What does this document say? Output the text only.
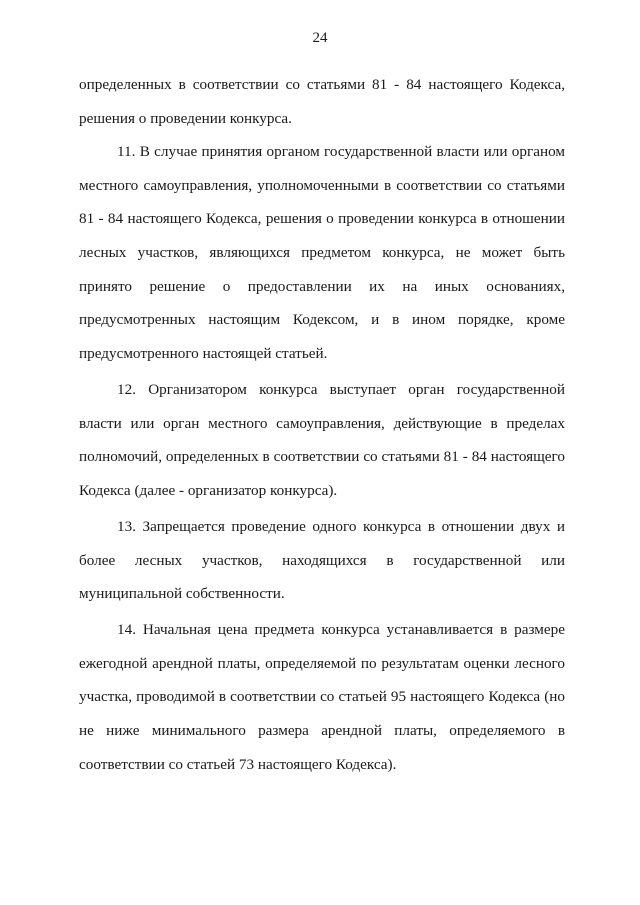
24
определенных в соответствии со статьями 81 - 84 настоящего Кодекса,
решения о проведении конкурса.
11. В случае принятия органом государственной власти или органом
местного самоуправления, уполномоченными в соответствии со статьями
81 - 84 настоящего Кодекса, решения о проведении конкурса в отношении
лесных участков, являющихся предметом конкурса, не может быть
принято решение о предоставлении их на иных основаниях,
предусмотренных настоящим Кодексом, и в ином порядке, кроме
предусмотренного настоящей статьей.
12. Организатором конкурса выступает орган государственной
власти или орган местного самоуправления, действующие в пределах
полномочий, определенных в соответствии со статьями 81 - 84 настоящего
Кодекса (далее - организатор конкурса).
13. Запрещается проведение одного конкурса в отношении двух и
более лесных участков, находящихся в государственной или
муниципальной собственности.
14. Начальная цена предмета конкурса устанавливается в размере
ежегодной арендной платы, определяемой по результатам оценки лесного
участка, проводимой в соответствии со статьей 95 настоящего Кодекса (но
не ниже минимального размера арендной платы, определяемого в
соответствии со статьей 73 настоящего Кодекса).
